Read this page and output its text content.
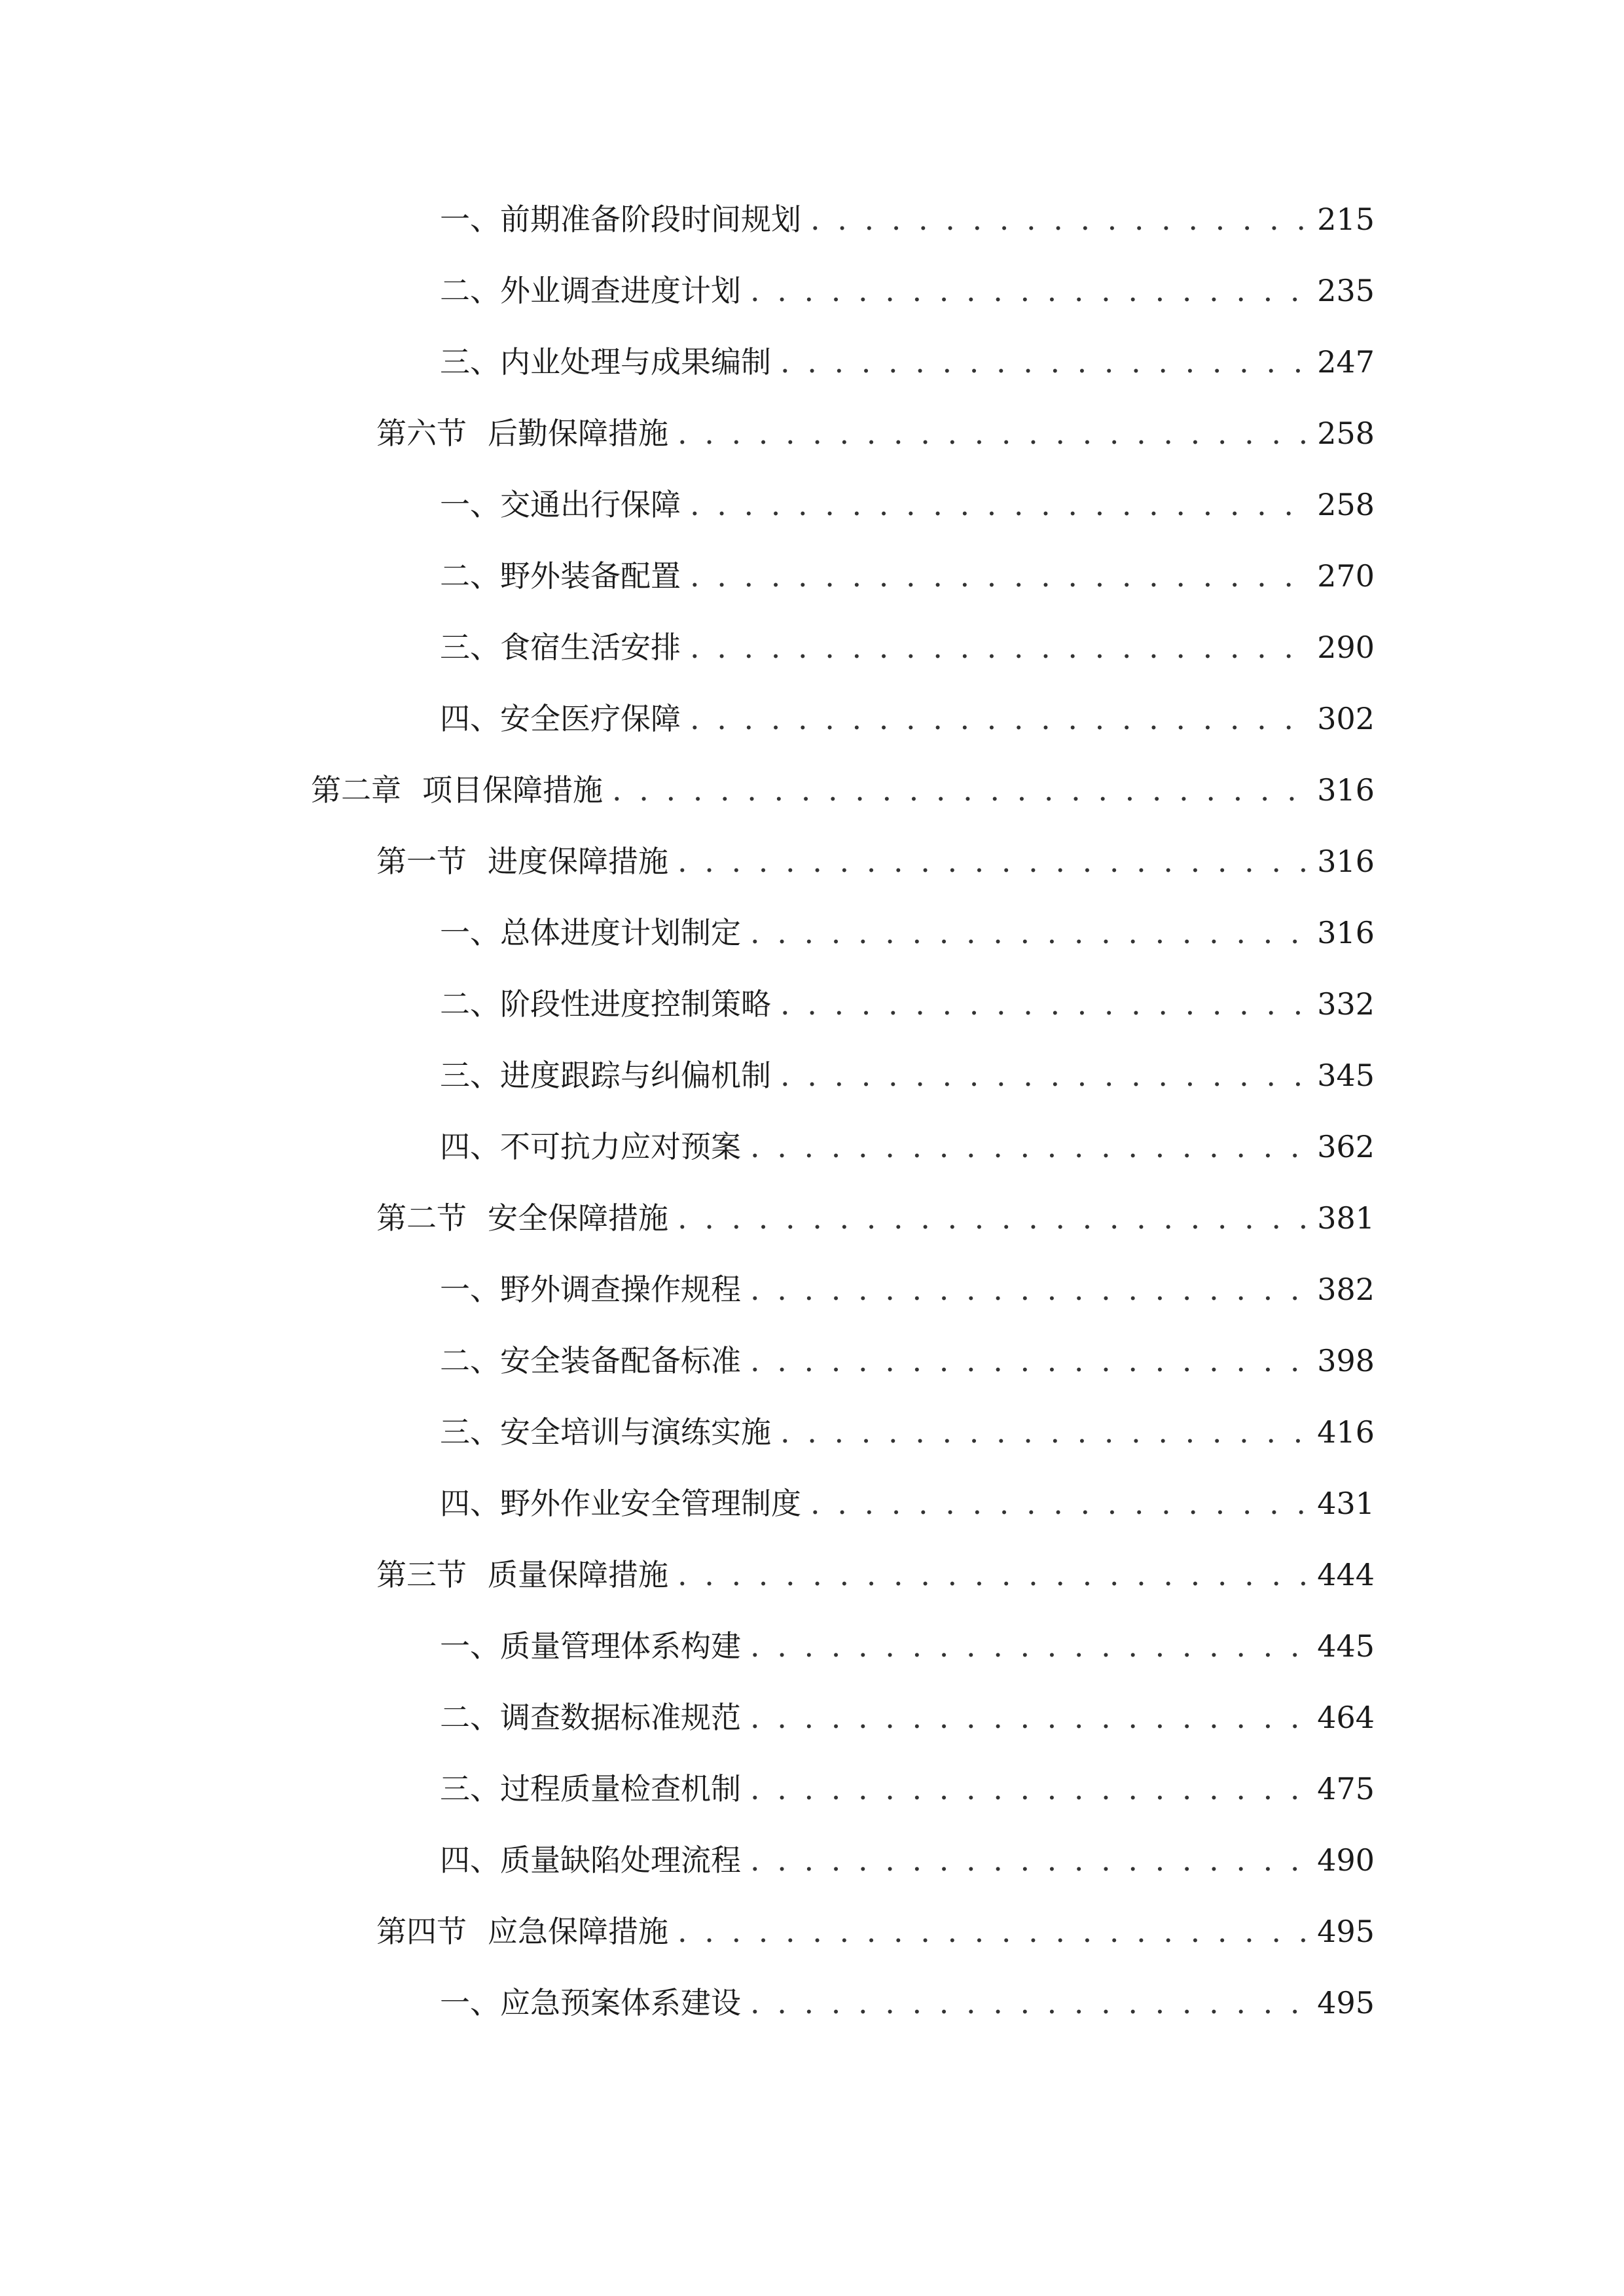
一、 前期准备阶段时间规划 . . .	215
二、 外业调查进度计划 . . .	235
三、 内业处理与成果编制 . . .	247
第六节 后勤保障措施 . . .	258
一、 交通出行保障 . . .	258
二、 野外装备配置 . . .	270
三、 食宿生活安排 . . .	290
四、 安全医疗保障 . . .	302
第二章 项目保障措施 . . .	316
第一节 进度保障措施 . . .	316
一、 总体进度计划制定 . . .	316
二、 阶段性进度控制策略 . . .	332
三、 进度跟踪与纠偏机制 . . .	345
四、 不可抗力应对预案 . . .	362
第二节 安全保障措施 . . .	381
一、 野外调查操作规程 . . .	382
二、 安全装备配备标准 . . .	398
三、 安全培训与演练实施 . . .	416
四、 野外作业安全管理制度 . . .	431
第三节 质量保障措施 . . .	444
一、 质量管理体系构建 . . .	445
二、 调查数据标准规范 . . .	464
三、 过程质量检查机制 . . .	475
四、 质量缺陷处理流程 . . .	490
第四节 应急保障措施 . . .	495
一、 应急预案体系建设 . . .	495
